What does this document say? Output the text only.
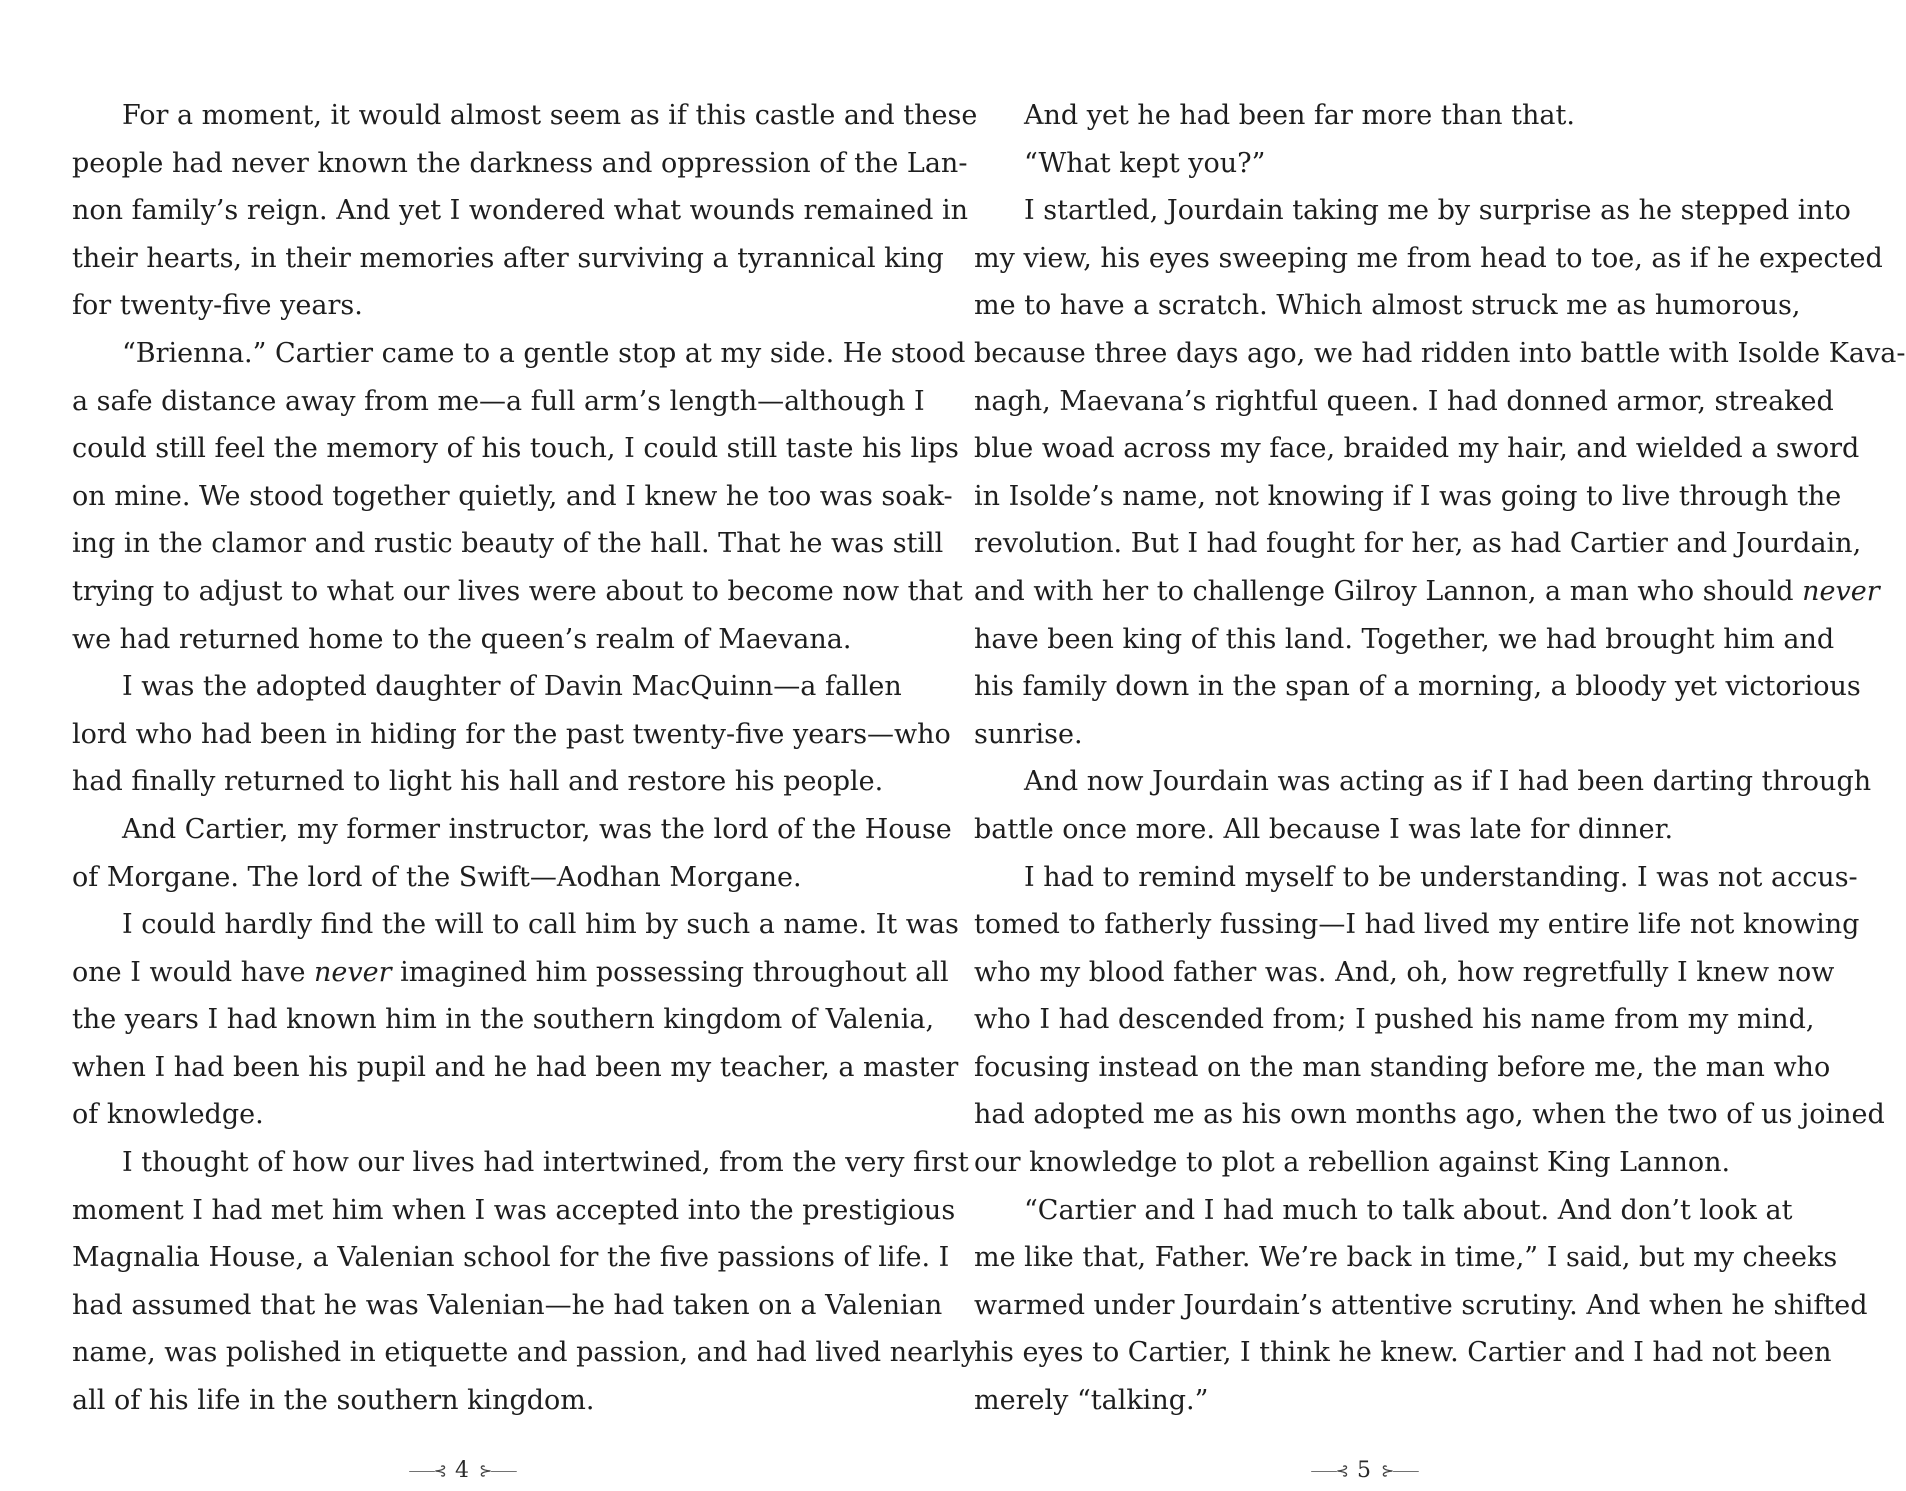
For a moment, it would almost seem as if this castle and these
people had never known the darkness and oppression of the Lan-
non family’s reign. And yet I wondered what wounds remained in
their hearts, in their memories after surviving a tyrannical king
for twenty-five years.
“Brienna.” Cartier came to a gentle stop at my side. He stood
a safe distance away from me—a full arm’s length—although I
could still feel the memory of his touch, I could still taste his lips
on mine. We stood together quietly, and I knew he too was soak-
ing in the clamor and rustic beauty of the hall. That he was still
trying to adjust to what our lives were about to become now that
we had returned home to the queen’s realm of Maevana.
I was the adopted daughter of Davin MacQuinn—a fallen
lord who had been in hiding for the past twenty-five years—who
had finally returned to light his hall and restore his people.
And Cartier, my former instructor, was the lord of the House
of Morgane. The lord of the Swift—Aodhan Morgane.
I could hardly find the will to call him by such a name. It was
one I would have never imagined him possessing throughout all
the years I had known him in the southern kingdom of Valenia,
when I had been his pupil and he had been my teacher, a master
of knowledge.
I thought of how our lives had intertwined, from the very first
moment I had met him when I was accepted into the prestigious
Magnalia House, a Valenian school for the five passions of life. I
had assumed that he was Valenian—he had taken on a Valenian
name, was polished in etiquette and passion, and had lived nearly
all of his life in the southern kingdom.
And yet he had been far more than that.
“What kept you?”
I startled, Jourdain taking me by surprise as he stepped into
my view, his eyes sweeping me from head to toe, as if he expected
me to have a scratch. Which almost struck me as humorous,
because three days ago, we had ridden into battle with Isolde Kava-
nagh, Maevana’s rightful queen. I had donned armor, streaked
blue woad across my face, braided my hair, and wielded a sword
in Isolde’s name, not knowing if I was going to live through the
revolution. But I had fought for her, as had Cartier and Jourdain,
and with her to challenge Gilroy Lannon, a man who should never
have been king of this land. Together, we had brought him and
his family down in the span of a morning, a bloody yet victorious
sunrise.
And now Jourdain was acting as if I had been darting through
battle once more. All because I was late for dinner.
I had to remind myself to be understanding. I was not accus-
tomed to fatherly fussing—I had lived my entire life not knowing
who my blood father was. And, oh, how regretfully I knew now
who I had descended from; I pushed his name from my mind,
focusing instead on the man standing before me, the man who
had adopted me as his own months ago, when the two of us joined
our knowledge to plot a rebellion against King Lannon.
“Cartier and I had much to talk about. And don’t look at
me like that, Father. We’re back in time,” I said, but my cheeks
warmed under Jourdain’s attentive scrutiny. And when he shifted
his eyes to Cartier, I think he knew. Cartier and I had not been
merely “talking.”
⸺⊰ 4 ⊱⸺	⸺⊰ 5 ⊱⸺
